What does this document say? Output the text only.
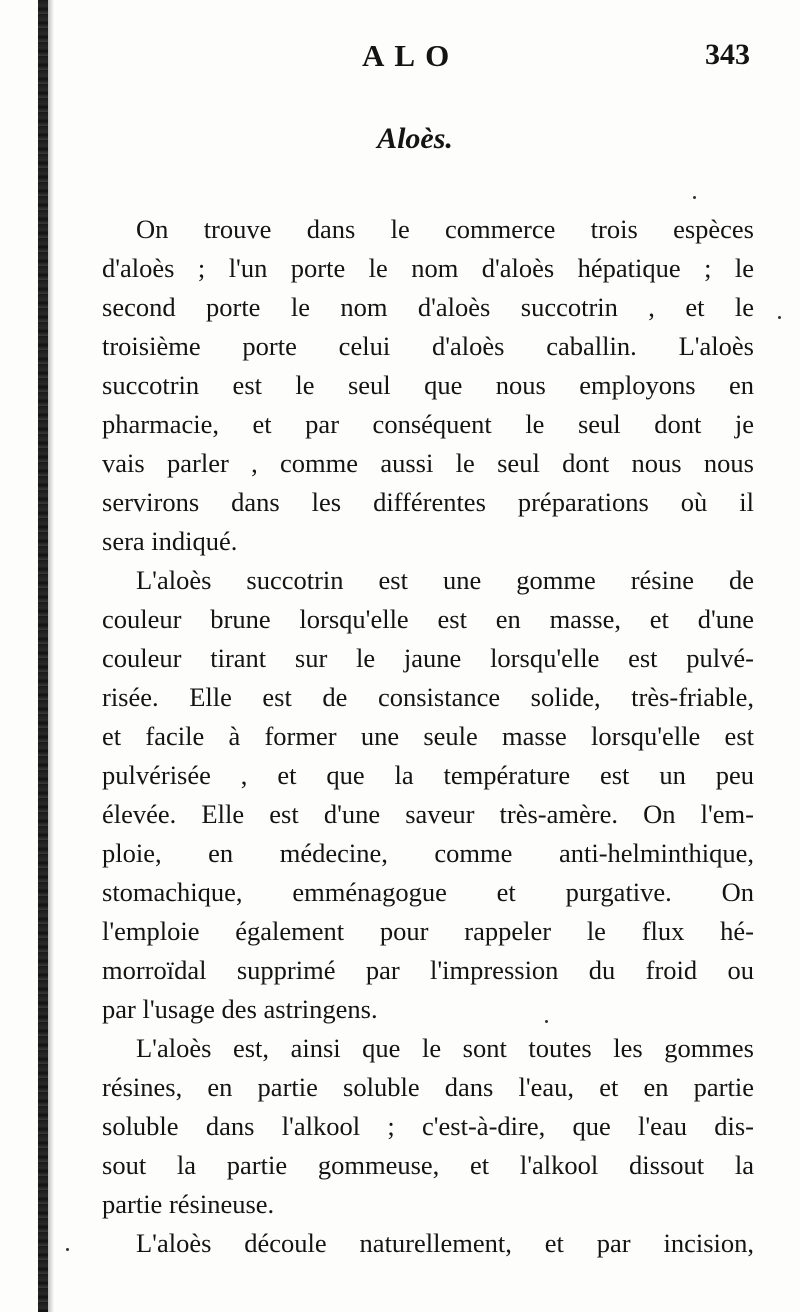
ALO	343
Aloès.

On trouve dans le commerce trois espèces
d'aloès ; l'un porte le nom d'aloès hépatique ; le
second porte le nom d'aloès succotrin , et le
troisième porte celui d'aloès caballin. L'aloès
succotrin est le seul que nous employons en
pharmacie, et par conséquent le seul dont je
vais parler , comme aussi le seul dont nous nous
servirons dans les différentes préparations où il
sera indiqué.

L'aloès succotrin est une gomme résine de
couleur brune lorsqu'elle est en masse, et d'une
couleur tirant sur le jaune lorsqu'elle est pulvé-
risée. Elle est de consistance solide, très-friable,
et facile à former une seule masse lorsqu'elle est
pulvérisée , et que la température est un peu
élevée. Elle est d'une saveur très-amère. On l'em-
ploie, en médecine, comme anti-helminthique,
stomachique, emménagogue et purgative. On
l'emploie également pour rappeler le flux hé-
morroïdal supprimé par l'impression du froid ou
par l'usage des astringens.

L'aloès est, ainsi que le sont toutes les gommes
résines, en partie soluble dans l'eau, et en partie
soluble dans l'alkool ; c'est-à-dire, que l'eau dis-
sout la partie gommeuse, et l'alkool dissout la
partie résineuse.

L'aloès découle naturellement, et par incision,
